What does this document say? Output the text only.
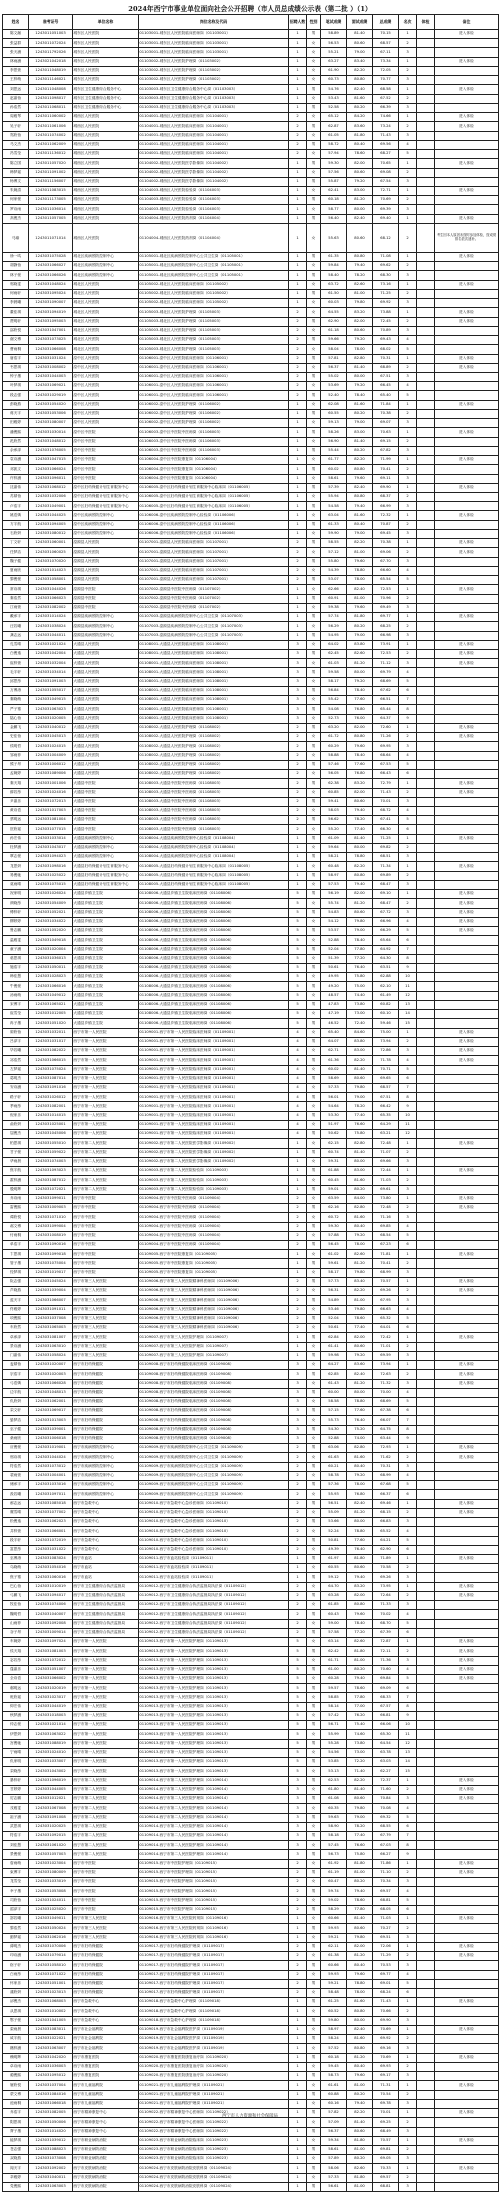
2024年西宁市事业单位面向社会公开招聘（市人员总成绩公示表（第二批 ）（1）
姓名	准考证号	单位名称	岗位名称及代码	招聘人数	性别	笔试成绩	面试成绩	总成绩	名次	体检	备注
陈文瀚	1243011051003	城东区人民医院	01103001-城东区人民医院临床医师岗（01103001）	1	男	58.89	81.40	70.15	1		进入体检
张益群	1243011072024	城东区人民医院	01103001-城东区人民医院临床医师岗（01103001）	1	女	56.53	80.60	68.57	2		
张天涵	1243011792026	城东区人民医院	01103001-城东区人民医院临床医师岗（01103001）	1	女	55.21	79.00	67.11	3		
林雨涵	1243021042018	城东区人民医院	01103002-城东区人民医院护理岗（01103002）	1	女	63.27	83.40	73.34	1		进入体检
李思萱	1243011048019	城东区人民医院	01103002-城东区人民医院护理岗（01103002）	1	女	61.90	82.20	72.05	2		
王梓萌	1243011146021	城东区人民医院	01103002-城东区人民医院护理岗（01103002）	1	女	60.73	80.80	70.77	3		
刘思远	1243011048008	城东区卫生健康综合服务中心	01103003-城东区卫生健康综合服务中心岗（01103003）	1	男	54.76	82.40	68.58	1		进入体检
赵嘉怡	1243011098017	城东区卫生健康综合服务中心	01103003-城东区卫生健康综合服务中心岗（01103003）	1	女	53.43	81.60	67.52	2		
孙浩然	1243011068011	城东区卫生健康综合服务中心	01103003-城东区卫生健康综合服务中心岗（01103003）	1	男	52.58	80.20	66.39	3		
周雅琴	1243011060002	城西区人民医院	01104001-城西区人民医院临床医师岗（01104001）	2	女	65.12	84.20	74.66	1		进入体检
吴子轩	1243011061006	城西区人民医院	01104001-城西区人民医院临床医师岗（01104001）	2	男	62.87	83.60	73.24	2		进入体检
郑欣怡	1243011074002	城西区人民医院	01104001-城西区人民医院临床医师岗（01104001）	2	女	61.05	81.80	71.43	3		
马文杰	1243011062009	城西区人民医院	01104001-城西区人民医院临床医师岗（01104001）	2	男	58.72	80.40	69.56	4		
冯雪莹	1243011136012	城西区人民医院	01104001-城西区人民医院临床医师岗（01104001）	2	女	57.94	78.60	68.27	5		
陈立国	1243011057020	城西区人民医院	01104002-城西区人民医院医学影像岗（01104002）	1	男	59.30	82.00	70.65	1		进入体检
韩梦瑶	1243011091002	城西区人民医院	01104002-城西区人民医院医学影像岗（01104002）	1	女	57.56	80.60	69.08	2		
杨博文	1243011156007	城西区人民医院	01104002-城西区人民医院医学影像岗（01104002）	1	男	55.87	79.20	67.54	3		
朱婉清	1243011083015	城西区人民医院	01104003-城西区人民医院检验岗（01104003）	1	女	62.41	83.00	72.71	1		进入体检
何家豪	1243011173005	城西区人民医院	01104003-城西区人民医院检验岗（01104003）	1	男	60.18	81.20	70.69	2		
罗诗雨	1243011036014	城西区人民医院	01104003-城西区人民医院检验岗（01104003）	1	女	58.77	80.00	69.39	3		
高俊杰	1243011057005	城西区人民医院	01104004-城西区人民医院药剂岗（01104004）	1	男	56.40	82.40	69.40	1		进入体检
马瑜	1243011071014	城西区人民医院	01104004-城西区人民医院药剂岗（01104004）	1	女	55.63	80.60	68.12	2		考生因本人原因未按时参加体检，按成绩排名依次递补。
徐一鸣	1243031075028	城北区疾病预防控制中心	01105001-城北区疾病预防控制中心公共卫生岗（01105001）	1	男	61.35	80.80	71.08	1		进入体检
胡静怡	1243031066027	城北区疾病预防控制中心	01105001-城北区疾病预防控制中心公共卫生岗（01105001）	1	女	59.84	79.40	69.62	2		
林子豪	1243031066026	城北区疾病预防控制中心	01105001-城北区疾病预防控制中心公共卫生岗（01105001）	1	男	58.40	78.20	68.30	3		
郭晓雯	1243031048024	城北区人民医院	01105002-城北区人民医院临床医师岗（01105002）	1	女	63.72	82.60	73.16	1		进入体检
何雨轩	1243031095024	城北区人民医院	01105002-城北区人民医院临床医师岗（01105002）	1	男	61.50	81.00	71.25	2		
李晨曦	1243031090007	城北区人民医院	01105002-城北区人民医院临床医师岗（01105002）	1	女	60.03	79.80	69.92	3		
董佳琪	1243031094019	城北区人民医院	01105003-城北区人民医院护理岗（01105003）	2	女	64.55	83.20	73.88	1		进入体检
贾明轩	1243031095003	城北区人民医院	01105003-城北区人民医院护理岗（01105003）	2	男	62.90	82.00	72.45	2		进入体检
邵欣悦	1243031047001	城北区人民医院	01105003-城北区人民医院护理岗（01105003）	2	女	61.18	80.60	70.89	3		
谢文博	1243031073025	城北区人民医院	01105003-城北区人民医院护理岗（01105003）	2	男	59.66	79.20	69.43	4		
曹雨桐	1243031066008	城北区人民医院	01105003-城北区人民医院护理岗（01105003）	2	女	58.04	78.00	68.02	5		
唐浩宇	1243031031024	湟中区人民医院	01106001-湟中区人民医院临床医师岗（01106001）	2	男	57.81	82.80	70.31	1		进入体检
韦思琪	1243031008002	湟中区人民医院	01106001-湟中区人民医院临床医师岗（01106001）	2	女	56.37	81.40	68.89	2		进入体检
钟子墨	1243031044003	湟中区人民医院	01106001-湟中区人民医院临床医师岗（01106001）	2	男	55.02	80.00	67.51	3		
叶梦琪	1243031069021	湟中区人民医院	01106001-湟中区人民医院临床医师岗（01106001）	2	女	53.69	79.20	66.45	4		
段志强	1243031029019	湟中区人民医院	01106001-湟中区人民医院临床医师岗（01106001）	2	男	52.40	78.40	65.40	5		
彭晓燕	1243031054020	湟中区人民医院	01106002-湟中区人民医院护理岗（01106002）	1	女	62.08	81.60	71.84	1		进入体检
蒋天宇	1243031053006	湟中区人民医院	01106002-湟中区人民医院护理岗（01106002）	1	男	60.55	80.20	70.38	2		
田雅婷	1243031080007	湟中区人民医院	01106002-湟中区人民医院护理岗（01106002）	1	女	59.13	79.00	69.07	3		
潘俊熙	1243031030014	湟中区中医院	01106003-湟中区中医院中医师岗（01106003）	1	男	58.26	83.00	70.63	1		进入体检
范欣然	1243031048012	湟中区中医院	01106003-湟中区中医院中医师岗（01106003）	1	女	56.90	81.40	69.15	2		
余承泽	1243031076005	湟中区中医院	01106003-湟中区中医院中医师岗（01106003）	1	男	55.44	80.20	67.82	3		
袁诗涵	1243031047015	湟中区中医院	01106004-湟中区中医院康复岗（01106004）	1	女	61.77	82.20	71.99	1		进入体检
邓凯文	1243031066024	湟中区中医院	01106004-湟中区中医院康复岗（01106004）	1	男	60.02	80.80	70.41	2		
许梓涵	1243031096011	湟中区中医院	01106004-湟中区中医院康复岗（01106004）	1	女	58.61	79.60	69.11	3		
沈嘉伟	1243031068012	湟中区妇幼保健计划生育服务中心	01106005-湟中区妇幼保健计划生育服务中心临床岗（01106005）	1	男	57.39	82.40	69.90	1		进入体检
苏婧怡	1243031032006	湟中区妇幼保健计划生育服务中心	01106005-湟中区妇幼保健计划生育服务中心临床岗（01106005）	1	女	55.94	80.80	68.37	2		
卢浩宇	1243031049001	湟中区妇幼保健计划生育服务中心	01106005-湟中区妇幼保健计划生育服务中心临床岗（01106005）	1	男	54.58	79.40	66.99	3		
姚语嫣	1243031044025	湟中区疾病预防控制中心	01106006-湟中区疾病预防控制中心检验岗（01106006）	1	女	63.04	81.60	72.32	1		进入体检
方宇航	1243031094005	湟中区疾病预防控制中心	01106006-湟中区疾病预防控制中心检验岗（01106006）	1	男	61.33	80.40	70.87	2		
石欣妍	1243031080012	湟中区疾病预防控制中心	01106006-湟中区疾病预防控制中心检验岗（01106006）	1	女	59.90	79.00	69.45	3		
丁文轩	1243031060001	湟源县人民医院	01107001-湟源县人民医院临床医师岗（01107001）	2	男	58.55	82.20	70.38	1		进入体检
任梦洁	1243031060025	湟源县人民医院	01107001-湟源县人民医院临床医师岗（01107001）	2	女	57.12	81.00	69.06	2		进入体检
魏子健	1243031070020	湟源县人民医院	01107001-湟源县人民医院临床医师岗（01107001）	2	男	55.80	79.60	67.70	3		
夏雨欣	1243031014023	湟源县人民医院	01107001-湟源县人民医院临床医师岗（01107001）	2	女	54.39	78.80	66.60	4		
黎俊豪	1243031058001	湟源县人民医院	01107001-湟源县人民医院临床医师岗（01107001）	2	男	53.07	78.00	65.54	5		
常诗琪	1243031044026	湟源县中医院	01107002-湟源县中医院中医师岗（01107002）	1	女	62.66	82.40	72.53	1		进入体检
秦浩然	1243031066023	湟源县中医院	01107002-湟源县中医院中医师岗（01107002）	1	男	60.91	81.00	70.96	2		
江雨萱	1243031082002	湟源县中医院	01107002-湟源县中医院中医师岗（01107002）	1	女	59.38	79.60	69.49	3		
戴承宇	1243031014024	湟源县疾病预防控制中心	01107003-湟源县疾病预防控制中心公共卫生岗（01107003）	1	男	57.74	81.80	69.77	1		进入体检
汪若曦	1243031038024	湟源县疾病预防控制中心	01107003-湟源县疾病预防控制中心公共卫生岗（01107003）	1	女	56.29	80.20	68.25	2		
龚志远	1243031044011	湟源县疾病预防控制中心	01107003-湟源县疾病预防控制中心公共卫生岗（01107003）	1	男	54.95	79.00	66.98	3		
孔雪晴	1243031021024	大通县人民医院	01108001-大通县人民医院临床医师岗（01108001）	3	女	64.02	83.80	73.91	1		进入体检
白俊逸	1243031042004	大通县人民医院	01108001-大通县人民医院临床医师岗（01108001）	3	男	62.45	82.60	72.53	2		进入体检
崔梓萱	1243031032004	大通县人民医院	01108001-大通县人民医院临床医师岗（01108001）	3	女	61.03	81.20	71.12	3		进入体检
毛宇轩	1243031034014	大通县人民医院	01108001-大通县人民医院临床医师岗（01108001）	3	男	59.58	80.00	69.79	4		
邱思彤	1243031091003	大通县人民医院	01108001-大通县人民医院临床医师岗（01108001）	3	女	58.17	79.20	68.69	5		
万博涛	1243031055017	大通县人民医院	01108001-大通县人民医院临床医师岗（01108001）	3	男	56.84	78.40	67.62	6		
秦晓萌	1243031049015	大通县人民医院	01108001-大通县人民医院临床医师岗（01108001）	3	女	55.42	77.60	66.51	7		
严子骞	1243031063023	大通县人民医院	01108001-大通县人民医院临床医师岗（01108001）	3	男	54.08	76.80	65.44	8		
陆心怡	1243031020005	大通县人民医院	01108001-大通县人民医院临床医师岗（01108001）	3	女	52.73	76.00	64.37	9		
金鹏飞	1243031040012	大通县人民医院	01108002-大通县人民医院护理岗（01108002）	2	男	63.20	82.00	72.60	1		进入体检
史佳怡	1243031045013	大通县人民医院	01108002-大通县人民医院护理岗（01108002）	2	女	61.72	80.80	71.26	2		进入体检
侯明哲	1243031024015	大通县人民医院	01108002-大通县人民医院护理岗（01108002）	2	男	60.29	79.60	69.95	3		
邹雨菲	1243031004009	大通县人民医院	01108002-大通县人民医院护理岗（01108002）	2	女	58.88	78.40	68.64	4		
熊子昂	1243031006012	大通县人民医院	01108002-大通县人民医院护理岗（01108002）	2	男	57.46	77.60	67.53	5		
孟婉婷	1243031089006	大通县人民医院	01108002-大通县人民医院护理岗（01108002）	2	女	56.05	76.80	66.43	6		
秦天翔	1243031001006	大通县中医院	01108003-大通县中医院中医师岗（01108003）	2	男	62.38	83.20	72.79	1		进入体检
薛若彤	1243031024016	大通县中医院	01108003-大通县中医院中医师岗（01108003）	2	女	60.85	82.00	71.43	2		进入体检
尹嘉乐	1243031072013	大通县中医院	01108003-大通县中医院中医师岗（01108003）	2	男	59.41	80.60	70.01	3		
黄诗语	1243031017003	大通县中医院	01108003-大通县中医院中医师岗（01108003）	2	女	58.03	79.40	68.72	4		
蔡明远	1243031081004	大通县中医院	01108003-大通县中医院中医师岗（01108003）	2	男	56.62	78.20	67.41	5		
贺欣瑶	1243031077015	大通县中医院	01108003-大通县中医院中医师岗（01108003）	2	女	55.20	77.40	66.30	6		
孙宏伟	1243031033014	大通县疾病预防控制中心	01108004-大通县疾病预防控制中心检验岗（01108004）	1	男	61.09	81.40	71.25	1		进入体检
杜梦涵	1243031043017	大通县疾病预防控制中心	01108004-大通县疾病预防控制中心检验岗（01108004）	1	女	59.64	80.00	69.82	2		
覃志豪	1243031094023	大通县疾病预防控制中心	01108004-大通县疾病预防控制中心检验岗（01108004）	1	男	58.21	78.80	68.51	3		
龙思妍	1243031098016	大通县妇幼保健计划生育服务中心	01108005-大通县妇幼保健计划生育服务中心临床岗（01108005）	1	女	60.48	82.20	71.34	1		进入体检
易俊驰	1243031025022	大通县妇幼保健计划生育服务中心	01108005-大通县妇幼保健计划生育服务中心临床岗（01108005）	1	男	58.97	80.80	69.89	2		
莫雨晴	1243031075015	大通县妇幼保健计划生育服务中心	01108005-大通县妇幼保健计划生育服务中心临床岗（01108005）	1	女	57.53	79.40	68.47	3		
祝家明	1243031026024	大通县乡镇卫生院	01108006-大通县乡镇卫生院临床医师岗（01108006）	5	男	56.19	82.00	69.10	1		进入体检
颜晓彤	1243031054009	大通县乡镇卫生院	01108006-大通县乡镇卫生院临床医师岗（01108006）	5	女	55.74	81.20	68.47	2		进入体检
傅梓轩	1243031052021	大通县乡镇卫生院	01108006-大通县乡镇卫生院临床医师岗（01108006）	5	男	54.83	80.60	67.72	3		进入体检
柳婷婷	1243031034022	大通县乡镇卫生院	01108006-大通县乡镇卫生院临床医师岗（01108006）	5	女	54.12	79.80	66.96	4		进入体检
鲁志鹏	1243031052020	大通县乡镇卫生院	01108006-大通县乡镇卫生院临床医师岗（01108006）	5	男	53.57	79.00	66.29	5		进入体检
温雅雯	1243031049018	大通县乡镇卫生院	01108006-大通县乡镇卫生院临床医师岗（01108006）	5	女	52.88	78.40	65.64	6		
童子涵	1243031020004	大通县乡镇卫生院	01108006-大通县乡镇卫生院临床医师岗（01108006）	5	男	52.04	77.80	64.92	7		
骆思琪	1243031036013	大通县乡镇卫生院	01108006-大通县乡镇卫生院临床医师岗（01108006）	5	女	51.39	77.20	64.30	8		
施浩宇	1243031050011	大通县乡镇卫生院	01108006-大通县乡镇卫生院临床医师岗（01108006）	5	男	50.61	76.40	63.51	9		
韩佳慧	1243031028023	大通县乡镇卫生院	01108006-大通县乡镇卫生院临床医师岗（01108006）	5	女	49.95	75.80	62.88	10		
牛俊豪	1243031066016	大通县乡镇卫生院	01108006-大通县乡镇卫生院临床医师岗（01108006）	5	男	49.20	75.00	62.10	11		
汤雨萌	1243031049012	大通县乡镇卫生院	01108006-大通县乡镇卫生院临床医师岗（01108006）	5	女	48.57	74.40	61.49	12		
宋博宇	1243031065021	大通县乡镇卫生院	01108006-大通县乡镇卫生院临床医师岗（01108006）	5	男	47.83	73.80	60.82	13		
崔雪莹	1243031012005	大通县乡镇卫生院	01108006-大通县乡镇卫生院临床医师岗（01108006）	5	女	47.19	73.00	60.10	14		
冉子墨	1243031051020	大通县乡镇卫生院	01108006-大通县乡镇卫生院临床医师岗（01108006）	5	男	46.52	72.40	59.46	15		
廖欣怡	1243031032011	西宁市第一人民医院	01109001-西宁市第一人民医院临床医师岗（01109001）	4	女	65.40	84.60	75.00	1		进入体检
吕泽宇	1243031031017	西宁市第一人民医院	01109001-西宁市第一人民医院临床医师岗（01109001）	4	男	64.07	83.80	73.94	2		进入体检
毕若曦	1243031082022	西宁市第一人民医院	01109001-西宁市第一人民医院临床医师岗（01109001）	4	女	62.71	83.00	72.86	3		进入体检
祁浩然	1243031066015	西宁市第一人民医院	01109001-西宁市第一人民医院临床医师岗（01109001）	4	男	61.36	82.20	71.78	4		进入体检
左梦瑶	1243031075024	西宁市第一人民医院	01109001-西宁市第一人民医院临床医师岗（01109001）	4	女	60.02	81.40	70.71	5		
葛明杰	1243031087014	西宁市第一人民医院	01109001-西宁市第一人民医院临床医师岗（01109001）	4	男	58.69	80.60	69.65	6		
安诗涵	1243031091016	西宁市第一人民医院	01109001-西宁市第一人民医院临床医师岗（01109001）	4	女	57.33	79.80	68.57	7		
路子轩	1243031026012	西宁市第一人民医院	01109001-西宁市第一人民医院临床医师岗（01109001）	4	男	56.01	79.00	67.51	8		
季雨彤	1243031082001	西宁市第一人民医院	01109001-西宁市第一人民医院临床医师岗（01109001）	4	女	54.64	78.20	66.42	9		
倪家乐	1243031014015	西宁市第一人民医院	01109001-西宁市第一人民医院临床医师岗（01109001）	4	男	53.30	77.40	65.35	10		
俞欣妍	1243031025001	西宁市第一人民医院	01109001-西宁市第一人民医院临床医师岗（01109001）	4	女	51.97	76.60	64.29	11		
屈俊杰	1243031045006	西宁市第一人民医院	01109001-西宁市第一人民医院临床医师岗（01109001）	4	男	50.62	75.80	63.21	12		
柏思琪	1243031055010	西宁市第二人民医院	01109002-西宁市第二人民医院医学影像岗（01109002）	1	女	62.15	82.80	72.48	1		进入体检
甘子豪	1243031059022	西宁市第二人民医院	01109002-西宁市第二人民医院医学影像岗（01109002）	1	男	60.74	81.40	71.07	2		
华雨晨	1243031074003	西宁市第二人民医院	01109002-西宁市第二人民医院医学影像岗（01109002）	1	女	59.31	80.00	69.66	3		
焦宇航	1243031093023	西宁市第二人民医院	01109003-西宁市第二人民医院检验岗（01109003）	1	男	61.88	83.00	72.44	1		进入体检
霍梓涵	1243031087012	西宁市第二人民医院	01109003-西宁市第二人民医院检验岗（01109003）	1	女	60.45	81.60	71.03	2		
殷明辉	1243031072021	西宁市第二人民医院	01109003-西宁市第二人民医院检验岗（01109003）	1	男	59.01	80.20	69.61	3		
乔诗雨	1243031099011	西宁市中医院	01109004-西宁市中医院中医师岗（01109004）	2	女	63.59	84.00	73.80	1		进入体检
雷俊熙	1243031009003	西宁市中医院	01109004-西宁市中医院中医师岗（01109004）	2	男	62.16	82.80	72.48	2		进入体检
谭欣悦	1243031071010	西宁市中医院	01109004-西宁市中医院中医师岗（01109004）	2	女	60.72	81.60	71.16	3		
郝文博	1243031099004	西宁市中医院	01109004-西宁市中医院中医师岗（01109004）	2	男	59.30	80.40	69.85	4		
付雨桐	1243031008019	西宁市中医院	01109004-西宁市中医院中医师岗（01109004）	2	女	57.88	79.20	68.54	5		
单浩宇	1243031090016	西宁市中医院	01109004-西宁市中医院中医师岗（01109004）	2	男	56.45	78.00	67.23	6		
卞思琪	1243031099018	西宁市中医院	01109005-西宁市中医院康复岗（01109005）	1	女	61.02	82.60	71.81	1		进入体检
管子墨	1243031075004	西宁市中医院	01109005-西宁市中医院康复岗（01109005）	1	男	59.61	81.20	70.41	2		
经梦琪	1243031019017	西宁市中医院	01109005-西宁市中医院康复岗（01109005）	1	女	58.17	79.80	68.99	3		
阮志强	1243031045024	西宁市第三人民医院	01109006-西宁市第三人民医院精神科医师岗（01109006）	2	男	57.73	83.40	70.57	1		进入体检
芦晓燕	1243031039004	西宁市第三人民医院	01109006-西宁市第三人民医院精神科医师岗（01109006）	2	女	56.31	82.20	69.26	2		进入体检
蓝天宇	1243031066007	西宁市第三人民医院	01109006-西宁市第三人民医院精神科医师岗（01109006）	2	男	54.89	81.00	67.95	3		
佟雅婷	1243031091011	西宁市第三人民医院	01109006-西宁市第三人民医院精神科医师岗（01109006）	2	女	53.46	79.80	66.63	4		
项俊熙	1243031037008	西宁市第三人民医院	01109006-西宁市第三人民医院精神科医师岗（01109006）	2	男	52.04	78.60	65.32	5		
车欣然	1243031065003	西宁市第三人民医院	01109006-西宁市第三人民医院精神科医师岗（01109006）	2	女	50.61	77.40	64.01	6		
卓承泽	1243031081007	西宁市第三人民医院	01109007-西宁市第三人民医院护理岗（01109007）	1	男	62.84	82.00	72.42	1		进入体检
景诗涵	1243031063010	西宁市第三人民医院	01109007-西宁市第三人民医院护理岗（01109007）	1	女	61.41	80.60	71.01	2		
门嘉伟	1243031058024	西宁市第三人民医院	01109007-西宁市第三人民医院护理岗（01109007）	1	男	59.98	79.20	69.59	3		
麦婧怡	1243031020007	西宁市妇幼保健院	01109008-西宁市妇幼保健院临床医师岗（01109008）	3	女	64.27	83.60	73.94	1		进入体检
宗浩宇	1243031020003	西宁市妇幼保健院	01109008-西宁市妇幼保健院临床医师岗（01109008）	3	男	62.85	82.40	72.63	2		进入体检
弓语嫣	1243031066028	西宁市妇幼保健院	01109008-西宁市妇幼保健院临床医师岗（01109008）	3	女	61.43	81.20	71.32	3		进入体检
边宇航	1243031048013	西宁市妇幼保健院	01109008-西宁市妇幼保健院临床医师岗（01109008）	3	男	60.00	80.00	70.00	4		
仇欣妍	1243031062001	西宁市妇幼保健院	01109008-西宁市妇幼保健院临床医师岗（01109008）	3	女	58.58	78.80	68.69	5		
栾文轩	1243031069017	西宁市妇幼保健院	01109008-西宁市妇幼保健院临床医师岗（01109008）	3	男	57.15	77.60	67.38	6		
晏梦洁	1243031013003	西宁市妇幼保健院	01109008-西宁市妇幼保健院临床医师岗（01109008）	3	女	55.73	76.40	66.07	7		
巫子健	1243031039001	西宁市妇幼保健院	01109008-西宁市妇幼保健院临床医师岗（01109008）	3	男	54.30	75.20	64.75	8		
桑雨欣	1243031006018	西宁市妇幼保健院	01109008-西宁市妇幼保健院临床医师岗（01109008）	3	女	52.88	74.00	63.44	9		
应俊豪	1243031019001	西宁市疾病预防控制中心	01109009-西宁市疾病预防控制中心公共卫生岗（01109009）	2	男	63.06	82.80	72.93	1		进入体检
邢诗琪	1243031044024	西宁市疾病预防控制中心	01109009-西宁市疾病预防控制中心公共卫生岗（01109009）	2	女	61.63	81.60	71.62	2		进入体检
符浩然	1243031073012	西宁市疾病预防控制中心	01109009-西宁市疾病预防控制中心公共卫生岗（01109009）	2	男	60.21	80.40	70.31	3		
裴雨萱	1243031004001	西宁市疾病预防控制中心	01109009-西宁市疾病预防控制中心公共卫生岗（01109009）	2	女	58.78	79.20	68.99	4		
储承宇	1243031033016	西宁市疾病预防控制中心	01109009-西宁市疾病预防控制中心公共卫生岗（01109009）	2	男	57.36	78.00	67.68	5		
汲若曦	1243031097011	西宁市疾病预防控制中心	01109009-西宁市疾病预防控制中心公共卫生岗（01109009）	2	女	55.93	76.80	66.37	6		
邴志远	1243031085018	西宁市急救中心	01109010-西宁市急救中心急诊医师岗（01109010）	2	男	56.51	82.40	69.46	1		进入体检
糜雪晴	1243031077002	西宁市急救中心	01109010-西宁市急救中心急诊医师岗（01109010）	2	女	55.09	81.20	68.15	2		进入体检
松俊逸	1243031062023	西宁市急救中心	01109010-西宁市急救中心急诊医师岗（01109010）	2	男	53.66	80.00	66.83	3		
井梓萱	1243031066001	西宁市急救中心	01109010-西宁市急救中心急诊医师岗（01109010）	2	女	52.24	78.80	65.52	4		
段宇轩	1243031072019	西宁市急救中心	01109010-西宁市急救中心急诊医师岗（01109010）	2	男	50.81	77.60	64.21	5		
富思彤	1243031031022	西宁市急救中心	01109010-西宁市急救中心急诊医师岗（01109010）	2	女	49.39	76.40	62.90	6		
巫博涛	1243031083024	西宁市血站	01109011-西宁市血站检验岗（01109011）	1	男	61.97	81.80	71.89	1		进入体检
乌晓萌	1243031054016	西宁市血站	01109011-西宁市血站检验岗（01109011）	1	女	60.55	80.60	70.58	2		
焦子骞	1243031060016	西宁市血站	01109011-西宁市血站检验岗（01109011）	1	男	59.12	79.40	69.26	3		
巴心怡	1243031010019	西宁市卫生健康综合执法监督局	01109012-西宁市卫生健康综合执法监督局执法岗（01109012）	2	女	64.70	83.20	73.95	1		进入体检
弓鹏飞	1243031094017	西宁市卫生健康综合执法监督局	01109012-西宁市卫生健康综合执法监督局执法岗（01109012）	2	男	63.28	82.00	72.64	2		进入体检
牧佳怡	1243031074006	西宁市卫生健康综合执法监督局	01109012-西宁市卫生健康综合执法监督局执法岗（01109012）	2	女	61.85	80.80	71.33	3		
隗明哲	1243031040007	西宁市卫生健康综合执法监督局	01109012-西宁市卫生健康综合执法监督局执法岗（01109012）	2	男	60.43	79.60	70.02	4		
山雨菲	1243031092008	西宁市卫生健康综合执法监督局	01109012-西宁市卫生健康综合执法监督局执法岗（01109012）	2	女	59.00	78.40	68.70	5		
谷子昂	1243031009014	西宁市卫生健康综合执法监督局	01109012-西宁市卫生健康综合执法监督局执法岗（01109012）	2	男	57.58	77.20	67.39	6		
车婉婷	1243031097024	西宁市第一人民医院	01109013-西宁市第一人民医院护理岗（01109013）	5	女	63.14	82.60	72.87	1		进入体检
侯天翔	1243031081003	西宁市第一人民医院	01109013-西宁市第一人民医院护理岗（01109013）	5	男	62.42	81.80	72.11	2		进入体检
宓若彤	1243031072012	西宁市第一人民医院	01109013-西宁市第一人民医院护理岗（01109013）	5	女	61.71	81.00	71.36	3		进入体检
蓬嘉乐	1243031051007	西宁市第一人民医院	01109013-西宁市第一人民医院护理岗（01109013）	5	男	61.00	80.20	70.60	4		进入体检
全诗语	1243031066002	西宁市第一人民医院	01109013-西宁市第一人民医院护理岗（01109013）	5	女	60.28	79.40	69.84	5		进入体检
郗明远	1243031020019	西宁市第一人民医院	01109013-西宁市第一人民医院护理岗（01109013）	5	男	59.57	78.60	69.09	6		
班欣瑶	1243031023017	西宁市第一人民医院	01109013-西宁市第一人民医院护理岗（01109013）	5	女	58.85	77.80	68.33	7		
仰宏伟	1243031044019	西宁市第一人民医院	01109013-西宁市第一人民医院护理岗（01109013）	5	男	58.14	77.00	67.57	8		
秋梦涵	1243031018003	西宁市第一人民医院	01109013-西宁市第一人民医院护理岗（01109013）	5	女	57.42	76.20	66.81	9		
仲志豪	1243031021014	西宁市第一人民医院	01109013-西宁市第一人民医院护理岗（01109013）	5	男	56.71	75.40	66.06	10		
伊思妍	1243031063022	西宁市第一人民医院	01109013-西宁市第一人民医院护理岗（01109013）	5	女	55.99	74.60	65.30	11		
宫俊驰	1243031088019	西宁市第一人民医院	01109013-西宁市第一人民医院护理岗（01109013）	5	男	55.28	73.80	64.54	12		
宁雨晴	1243031024010	西宁市第一人民医院	01109013-西宁市第一人民医院护理岗（01109013）	5	女	54.56	73.00	63.78	13		
仇家明	1243031033007	西宁市第一人民医院	01109013-西宁市第一人民医院护理岗（01109013）	5	男	53.85	72.20	63.03	14		
栾晓彤	1243031043002	西宁市第一人民医院	01109013-西宁市第一人民医院护理岗（01109013）	5	女	53.13	71.40	62.27	15		
暴梓轩	1243031096019	西宁市第二人民医院	01109014-西宁市第二人民医院护理岗（01109014）	3	男	62.53	82.20	72.37	1		进入体检
甘婷婷	1243031044005	西宁市第二人民医院	01109014-西宁市第二人民医院护理岗（01109014）	3	女	61.80	81.40	71.60	2		进入体检
厉志鹏	1243031012021	西宁市第二人民医院	01109014-西宁市第二人民医院护理岗（01109014）	3	男	61.08	80.60	70.84	3		进入体检
戎雅雯	1243031067008	西宁市第二人民医院	01109014-西宁市第二人民医院护理岗（01109014）	3	女	60.35	79.80	70.08	4		
祖子涵	1243031091008	西宁市第二人民医院	01109014-西宁市第二人民医院护理岗（01109014）	3	男	59.63	79.00	69.32	5		
武思琪	1243031020025	西宁市第二人民医院	01109014-西宁市第二人民医院护理岗（01109014）	3	女	58.90	78.20	68.55	6		
符浩宇	1243031092015	西宁市第二人民医院	01109014-西宁市第二人民医院护理岗（01109014）	3	男	58.18	77.40	67.79	7		
刘佳慧	1243031061020	西宁市第二人民医院	01109014-西宁市第二人民医院护理岗（01109014）	3	女	57.45	76.60	67.03	8		
景俊豪	1243031057003	西宁市第二人民医院	01109014-西宁市第二人民医院护理岗（01109014）	3	男	56.73	75.80	66.27	9		
詹雨萌	1243031023004	西宁市中医院	01109015-西宁市中医院护理岗（01109015）	2	女	61.92	81.80	71.86	1		进入体检
束博宇	1243031080009	西宁市中医院	01109015-西宁市中医院护理岗（01109015）	2	男	61.19	81.00	71.10	2		进入体检
龙雪莹	1243031033019	西宁市中医院	01109015-西宁市中医院护理岗（01109015）	2	女	60.47	80.20	70.34	3		
幸子墨	1243031053008	西宁市中医院	01109015-西宁市中医院护理岗（01109015）	2	男	59.74	79.40	69.57	4		
司欣怡	1243031024011	西宁市中医院	01109015-西宁市中医院护理岗（01109015）	2	女	59.02	78.60	68.81	5		
韶泽宇	1243031025020	西宁市中医院	01109015-西宁市中医院护理岗（01109015）	2	男	58.29	77.80	68.05	6		
郜若曦	1243031049011	西宁市第三人民医院	01109016-西宁市第三人民医院药剂岗（01109016）	1	女	60.66	81.40	71.03	1		进入体检
黎浩然	1243031050024	西宁市第三人民医院	01109016-西宁市第三人民医院药剂岗（01109016）	1	男	59.93	80.60	70.27	2		
蓟梦瑶	1243031062016	西宁市第三人民医院	01109016-西宁市第三人民医院药剂岗（01109016）	1	女	59.21	79.80	69.51	3		
薄明杰	1243031070006	西宁市妇幼保健院	01109017-西宁市妇幼保健院护理岗（01109017）	2	男	62.11	82.00	72.06	1		进入体检
印诗涵	1243031079014	西宁市妇幼保健院	01109017-西宁市妇幼保健院护理岗（01109017）	2	女	61.38	81.20	71.29	2		进入体检
宿子轩	1243031058010	西宁市妇幼保健院	01109017-西宁市妇幼保健院护理岗（01109017）	2	男	60.66	80.40	70.53	3		
白雨彤	1243031071022	西宁市妇幼保健院	01109017-西宁市妇幼保健院护理岗（01109017）	2	女	59.93	79.60	69.77	4		
怀家乐	1243031051001	西宁市妇幼保健院	01109017-西宁市妇幼保健院护理岗（01109017）	2	男	59.21	78.80	69.01	5		
蒲欣妍	1243031023013	西宁市妇幼保健院	01109017-西宁市妇幼保健院护理岗（01109017）	2	女	58.48	78.00	68.24	6		
邰俊杰	1243031068003	西宁市急救中心	01109018-西宁市急救中心护理岗（01109018）	1	男	61.25	81.60	71.43	1		进入体检
从思琪	1243031010002	西宁市急救中心	01109018-西宁市急救中心护理岗（01109018）	1	女	60.52	80.80	70.66	2		
鄂子豪	1243031041005	西宁市急救中心	01109018-西宁市急救中心护理岗（01109018）	1	男	59.80	80.00	69.90	3		
索雨晨	1243031083011	西宁市社会福利院	01109019-西宁市社会福利院医护岗（01109019）	1	女	58.97	82.40	70.69	1		进入体检
咸宇航	1243031022021	西宁市社会福利院	01109019-西宁市社会福利院医护岗（01109019）	1	男	58.24	81.60	69.92	2		
籍梓涵	1243031063007	西宁市社会福利院	01109019-西宁市社会福利院医护岗（01109019）	1	女	57.52	80.80	69.16	3		
赖明辉	1243031042020	西宁市康复医院	01109020-西宁市康复医院康复治疗岗（01109020）	1	男	60.18	81.20	70.69	1		进入体检
卓诗雨	1243031036003	西宁市康复医院	01109020-西宁市康复医院康复治疗岗（01109020）	1	女	59.45	80.40	69.93	2		
蔺俊熙	1243031095012	西宁市康复医院	01109020-西宁市康复医院康复治疗岗（01109020）	1	男	58.73	79.60	69.17	3		
屠欣悦	1243031037004	西宁市儿童福利院	01109021-西宁市儿童福利院护理岗（01109021）	1	女	61.61	81.00	71.31	1		进入体检
蒙文博	1243031084016	西宁市儿童福利院	01109021-西宁市儿童福利院护理岗（01109021）	1	男	60.88	80.20	70.54	2		
池雨桐	1243031066018	西宁市儿童福利院	01109021-西宁市儿童福利院护理岗（01109021）	1	女	60.16	79.40	69.78	3		
乔浩宇	1243031082005	西宁市精神康复中心	01109022-西宁市精神康复中心医师岗（01109022）	1	男	57.82	82.20	70.01	1		进入体检
阴思琪	1243031050006	西宁市精神康复中心	01109022-西宁市精神康复中心医师岗（01109022）	1	女	57.09	81.40	69.25	2		
胥子墨	1243031014020	西宁市精神康复中心	01109022-西宁市精神康复中心医师岗（01109022）	1	男	56.37	80.60	68.49	3		
能梦琪	1243031039012	西宁市职业病防治院	01109023-西宁市职业病防治院临床岗（01109023）	1	女	59.34	81.80	70.57	1		进入体检
苍志强	1243031088023	西宁市职业病防治院	01109023-西宁市职业病防治院临床岗（01109023）	1	男	58.61	81.00	69.81	2		
双晓燕	1243031073008	西宁市职业病防治院	01109023-西宁市职业病防治院临床岗（01109023）	1	女	57.89	80.20	69.05	3		
闻天宇	1243031092002	西宁市皮肤病防治院	01109024-西宁市皮肤病防治院皮肤科岗（01109024）	1	男	58.06	82.60	70.33	1		进入体检
莘雅婷	1243031040011	西宁市皮肤病防治院	01109024-西宁市皮肤病防治院皮肤科岗（01109024）	1	女	57.33	81.80	69.57	2		
党俊熙	1243031063003	西宁市皮肤病防治院	01109024-西宁市皮肤病防治院皮肤科岗（01109024）	1	男	56.61	81.00	68.81	3		
西宁市人力资源和社会保障局
